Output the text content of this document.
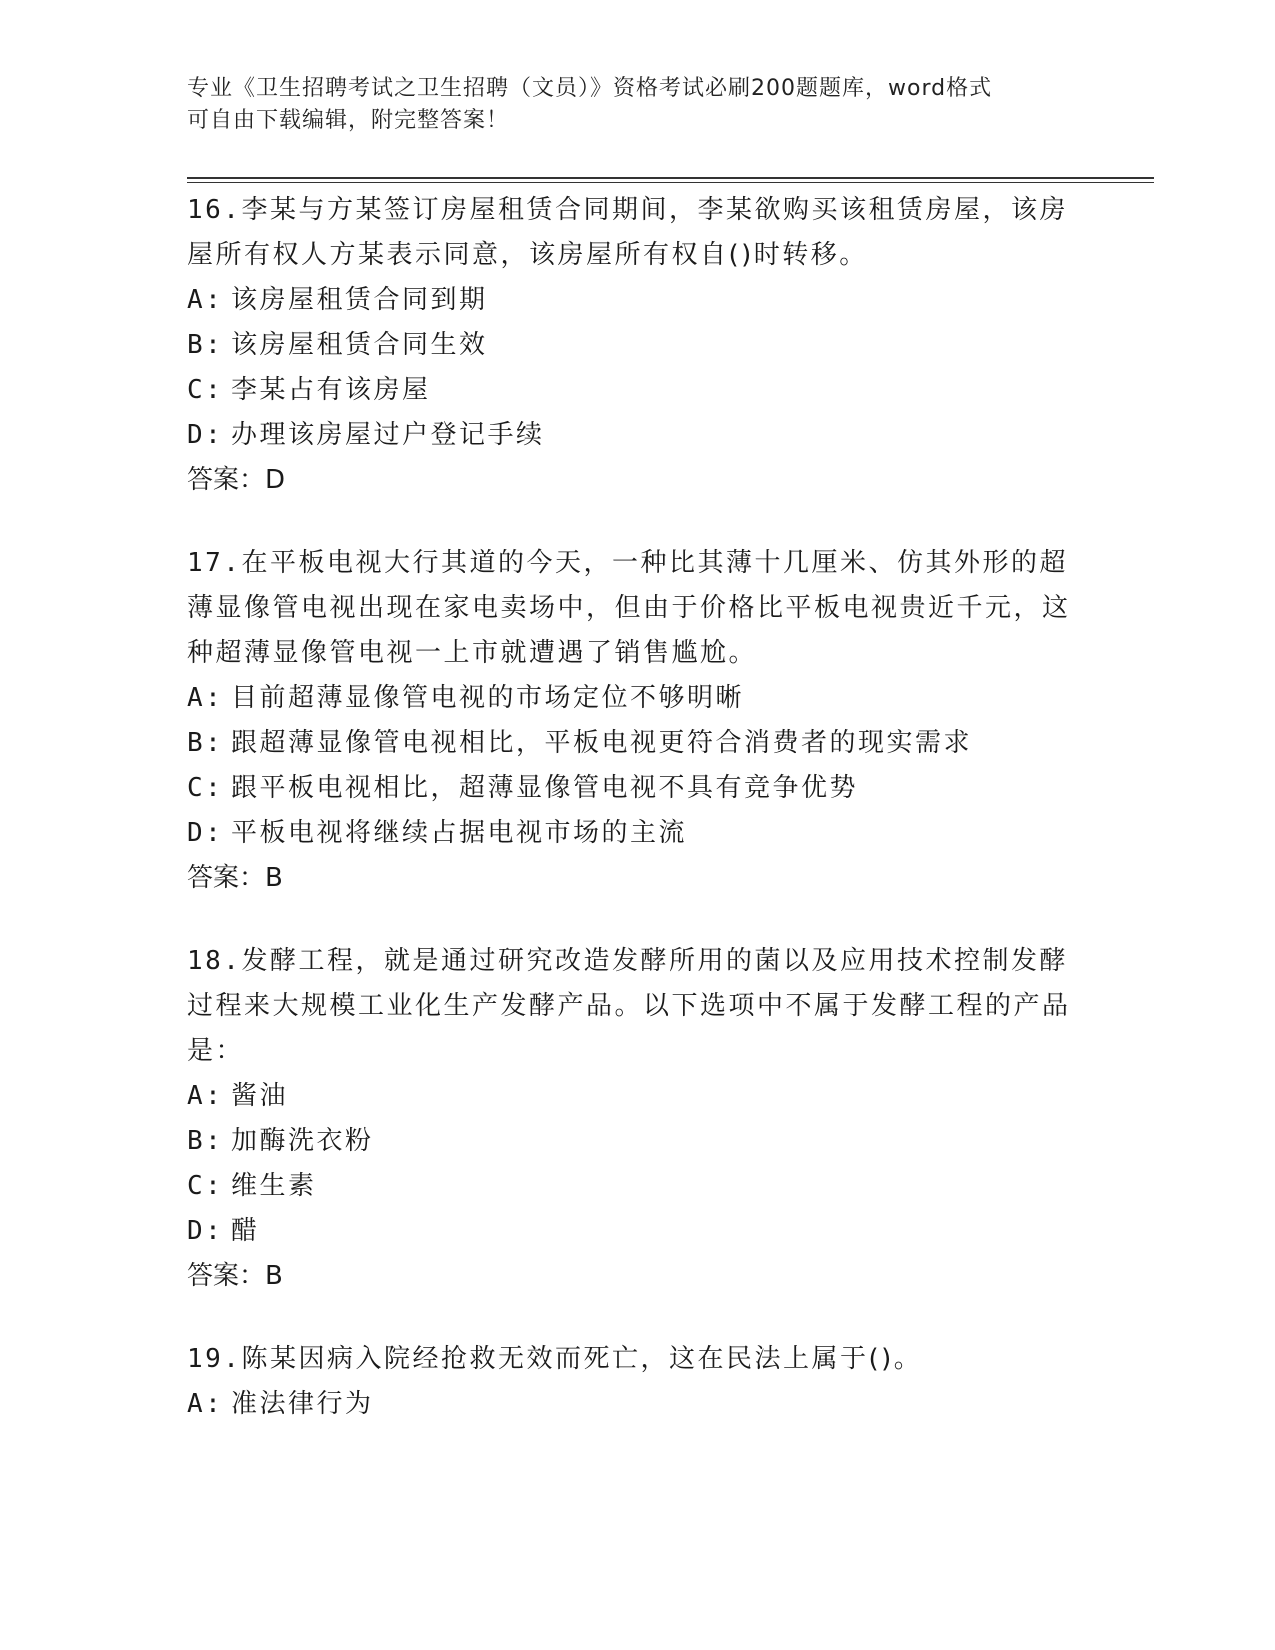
专业《卫生招聘考试之卫生招聘（文员）》资格考试必刷200题题库，word格式
可自由下载编辑，附完整答案！

16.李某与方某签订房屋租赁合同期间，李某欲购买该租赁房屋，该房屋所有权人方某表示同意，该房屋所有权自()时转移。

A: 该房屋租赁合同到期

B: 该房屋租赁合同生效

C: 李某占有该房屋

D: 办理该房屋过户登记手续

答案：D

17.在平板电视大行其道的今天，一种比其薄十几厘米、仿其外形的超薄显像管电视出现在家电卖场中，但由于价格比平板电视贵近千元，这种超薄显像管电视一上市就遭遇了销售尴尬。

A: 目前超薄显像管电视的市场定位不够明晰

B: 跟超薄显像管电视相比，平板电视更符合消费者的现实需求

C: 跟平板电视相比，超薄显像管电视不具有竞争优势

D: 平板电视将继续占据电视市场的主流

答案：B

18.发酵工程，就是通过研究改造发酵所用的菌以及应用技术控制发酵过程来大规模工业化生产发酵产品。以下选项中不属于发酵工程的产品是：

A: 酱油

B: 加酶洗衣粉

C: 维生素

D: 醋

答案：B

19.陈某因病入院经抢救无效而死亡，这在民法上属于()。

A: 准法律行为
